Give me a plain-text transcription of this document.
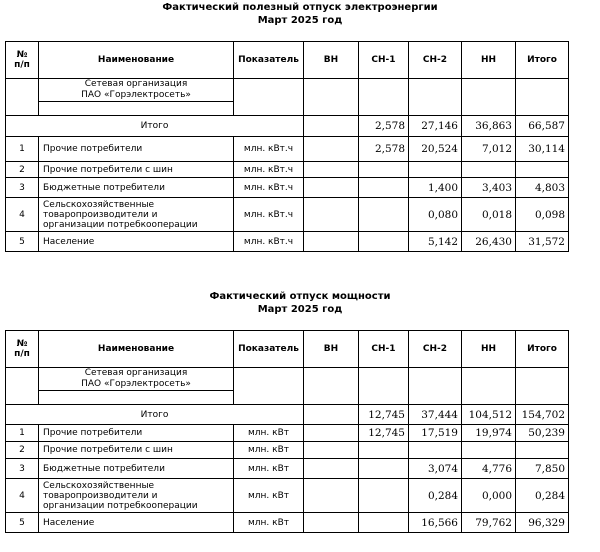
Фактический полезный отпуск электроэнергии
Март 2025 год
№
п/п	Наименование	Показатель	ВН	СН-1	СН-2	НН	Итого
	Сетевая организация
ПАО «Горэлектросеть»						

Итого				2,578	27,146	36,863	66,587
1	Прочие потребители	млн. кВт.ч		2,578	20,524	7,012	30,114
2	Прочие потребители с шин	млн. кВт.ч					
3	Бюджетные потребители	млн. кВт.ч			1,400	3,403	4,803
4	Сельскохозяйственные
товаропроизводители и
организации потребкооперации	млн. кВт.ч			0,080	0,018	0,098
5	Население	млн. кВт.ч			5,142	26,430	31,572
Фактический отпуск мощности
Март 2025 год
№
п/п	Наименование	Показатель	ВН	СН-1	СН-2	НН	Итого
	Сетевая организация
ПАО «Горэлектросеть»						

Итого				12,745	37,444	104,512	154,702
1	Прочие потребители	млн. кВт		12,745	17,519	19,974	50,239
2	Прочие потребители с шин	млн. кВт					
3	Бюджетные потребители	млн. кВт			3,074	4,776	7,850
4	Сельскохозяйственные
товаропроизводители и
организации потребкооперации	млн. кВт			0,284	0,000	0,284
5	Население	млн. кВт			16,566	79,762	96,329
